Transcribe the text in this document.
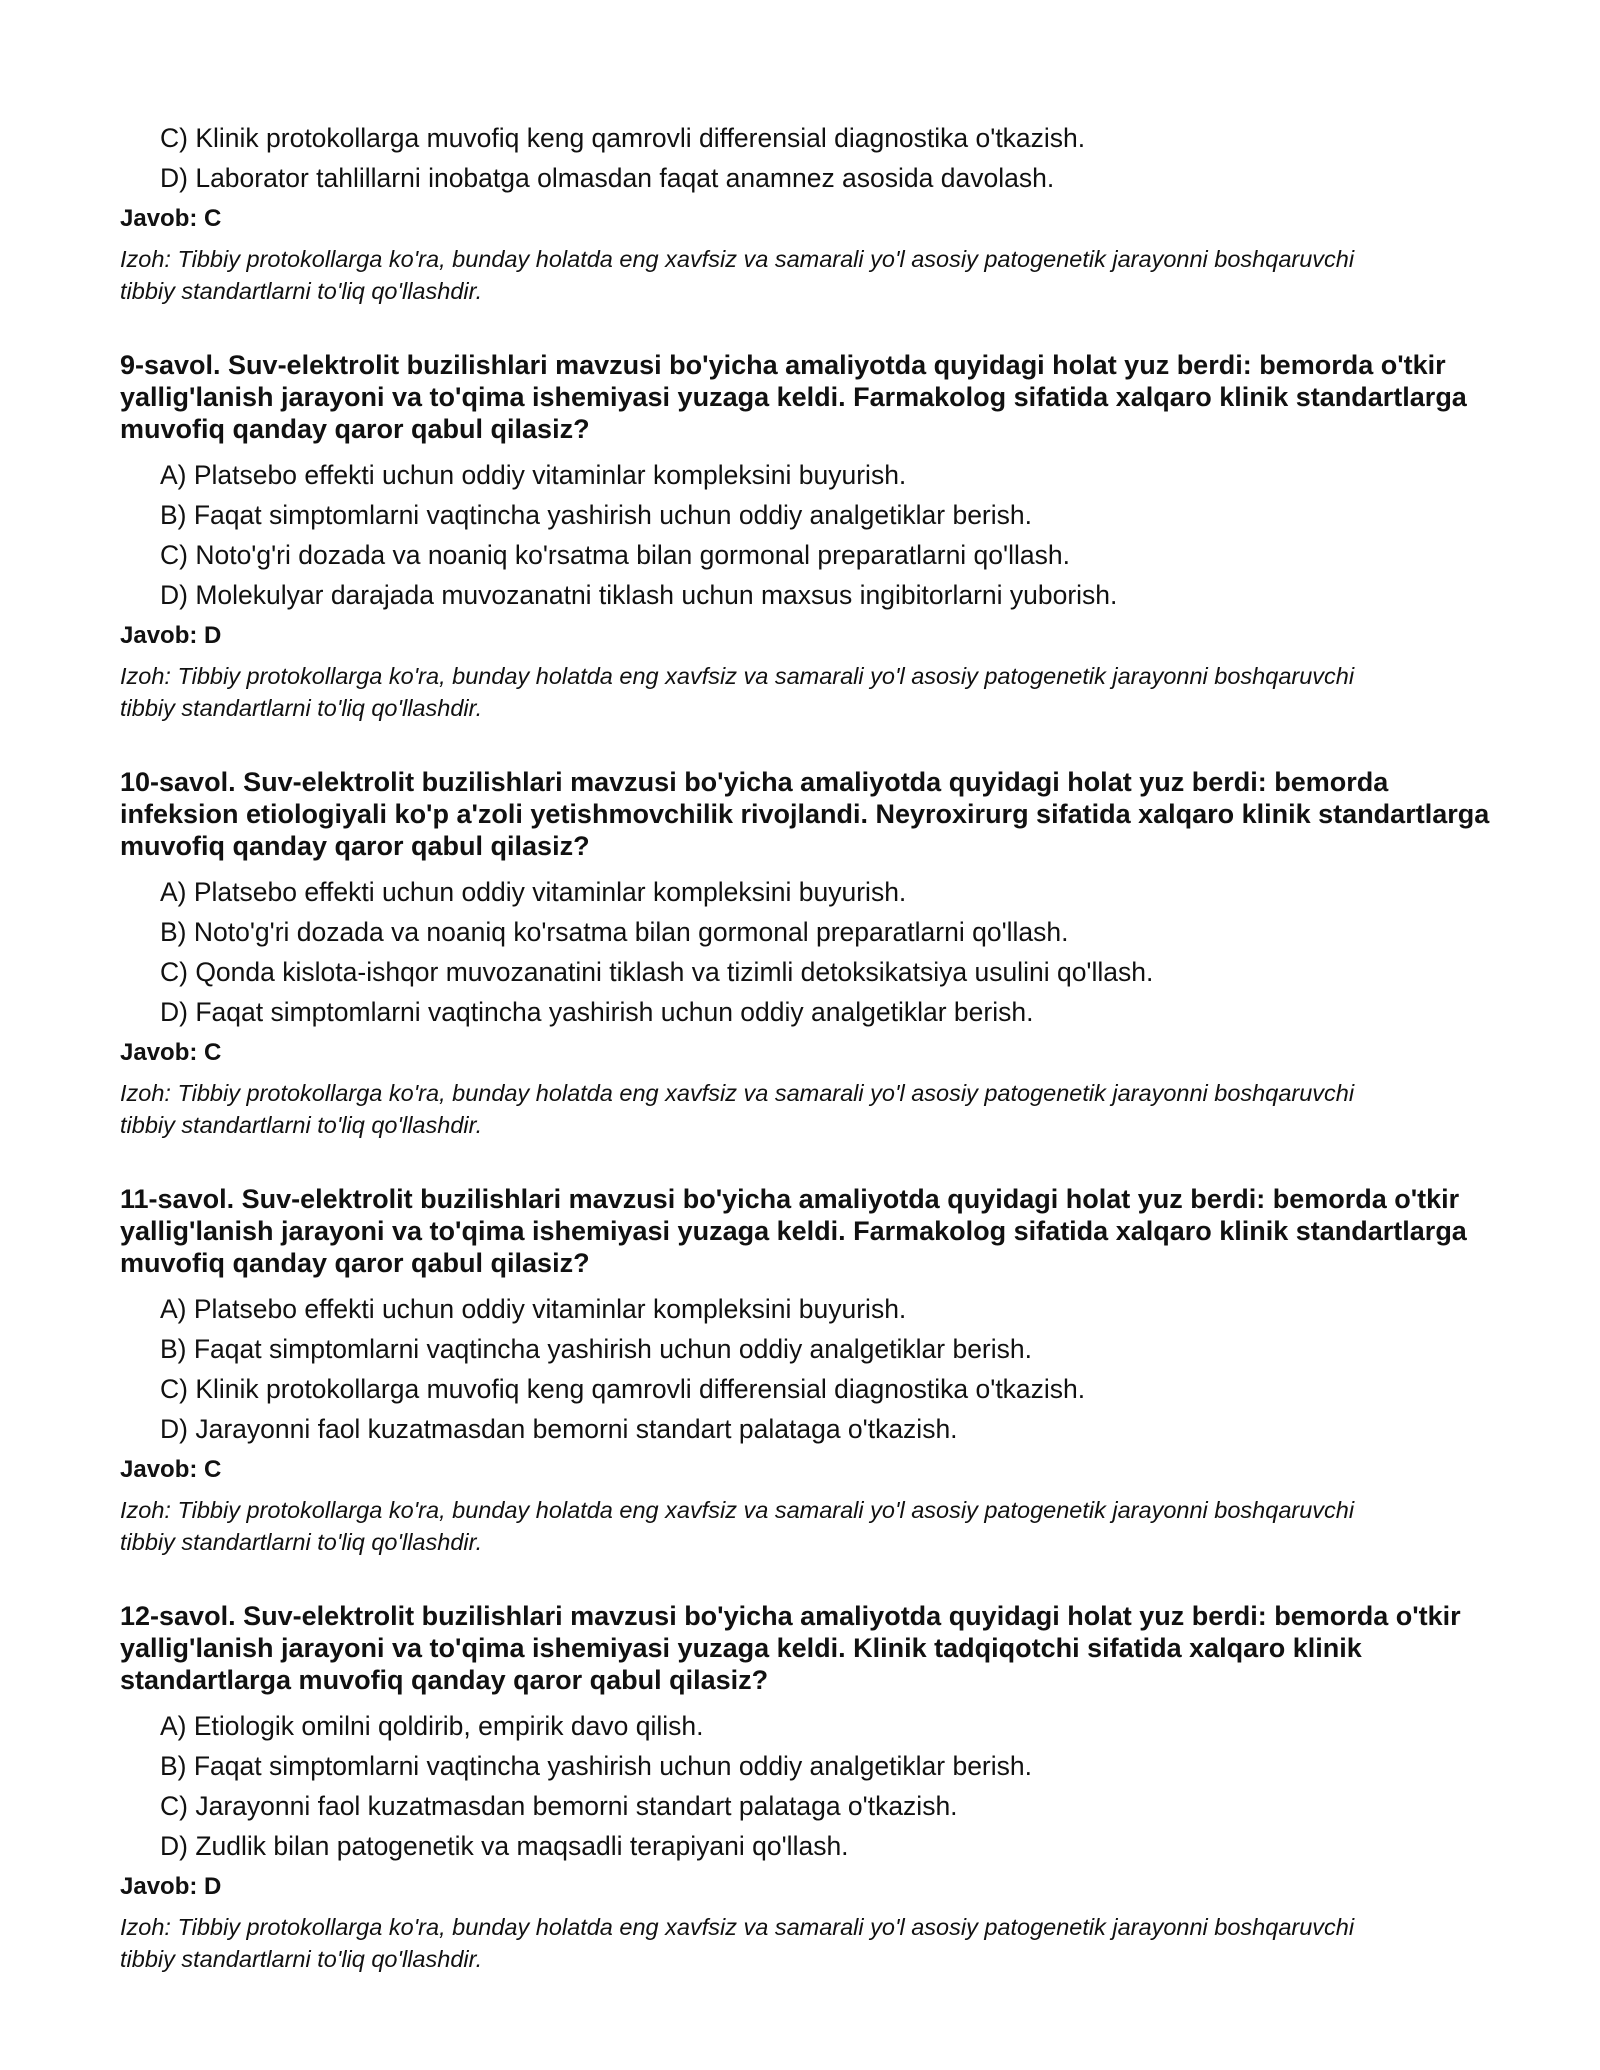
C) Klinik protokollarga muvofiq keng qamrovli differensial diagnostika o'tkazish.
D) Laborator tahlillarni inobatga olmasdan faqat anamnez asosida davolash.
Javob: C
Izoh: Tibbiy protokollarga ko'ra, bunday holatda eng xavfsiz va samarali yo'l asosiy patogenetik jarayonni boshqaruvchi tibbiy standartlarni to'liq qo'llashdir.
9-savol. Suv-elektrolit buzilishlari mavzusi bo'yicha amaliyotda quyidagi holat yuz berdi: bemorda o'tkir yallig'lanish jarayoni va to'qima ishemiyasi yuzaga keldi. Farmakolog sifatida xalqaro klinik standartlarga muvofiq qanday qaror qabul qilasiz?
A) Platsebo effekti uchun oddiy vitaminlar kompleksini buyurish.
B) Faqat simptomlarni vaqtincha yashirish uchun oddiy analgetiklar berish.
C) Noto'g'ri dozada va noaniq ko'rsatma bilan gormonal preparatlarni qo'llash.
D) Molekulyar darajada muvozanatni tiklash uchun maxsus ingibitorlarni yuborish.
Javob: D
Izoh: Tibbiy protokollarga ko'ra, bunday holatda eng xavfsiz va samarali yo'l asosiy patogenetik jarayonni boshqaruvchi tibbiy standartlarni to'liq qo'llashdir.
10-savol. Suv-elektrolit buzilishlari mavzusi bo'yicha amaliyotda quyidagi holat yuz berdi: bemorda infeksion etiologiyali ko'p a'zoli yetishmovchilik rivojlandi. Neyroxirurg sifatida xalqaro klinik standartlarga muvofiq qanday qaror qabul qilasiz?
A) Platsebo effekti uchun oddiy vitaminlar kompleksini buyurish.
B) Noto'g'ri dozada va noaniq ko'rsatma bilan gormonal preparatlarni qo'llash.
C) Qonda kislota-ishqor muvozanatini tiklash va tizimli detoksikatsiya usulini qo'llash.
D) Faqat simptomlarni vaqtincha yashirish uchun oddiy analgetiklar berish.
Javob: C
Izoh: Tibbiy protokollarga ko'ra, bunday holatda eng xavfsiz va samarali yo'l asosiy patogenetik jarayonni boshqaruvchi tibbiy standartlarni to'liq qo'llashdir.
11-savol. Suv-elektrolit buzilishlari mavzusi bo'yicha amaliyotda quyidagi holat yuz berdi: bemorda o'tkir yallig'lanish jarayoni va to'qima ishemiyasi yuzaga keldi. Farmakolog sifatida xalqaro klinik standartlarga muvofiq qanday qaror qabul qilasiz?
A) Platsebo effekti uchun oddiy vitaminlar kompleksini buyurish.
B) Faqat simptomlarni vaqtincha yashirish uchun oddiy analgetiklar berish.
C) Klinik protokollarga muvofiq keng qamrovli differensial diagnostika o'tkazish.
D) Jarayonni faol kuzatmasdan bemorni standart palataga o'tkazish.
Javob: C
Izoh: Tibbiy protokollarga ko'ra, bunday holatda eng xavfsiz va samarali yo'l asosiy patogenetik jarayonni boshqaruvchi tibbiy standartlarni to'liq qo'llashdir.
12-savol. Suv-elektrolit buzilishlari mavzusi bo'yicha amaliyotda quyidagi holat yuz berdi: bemorda o'tkir yallig'lanish jarayoni va to'qima ishemiyasi yuzaga keldi. Klinik tadqiqotchi sifatida xalqaro klinik standartlarga muvofiq qanday qaror qabul qilasiz?
A) Etiologik omilni qoldirib, empirik davo qilish.
B) Faqat simptomlarni vaqtincha yashirish uchun oddiy analgetiklar berish.
C) Jarayonni faol kuzatmasdan bemorni standart palataga o'tkazish.
D) Zudlik bilan patogenetik va maqsadli terapiyani qo'llash.
Javob: D
Izoh: Tibbiy protokollarga ko'ra, bunday holatda eng xavfsiz va samarali yo'l asosiy patogenetik jarayonni boshqaruvchi tibbiy standartlarni to'liq qo'llashdir.
